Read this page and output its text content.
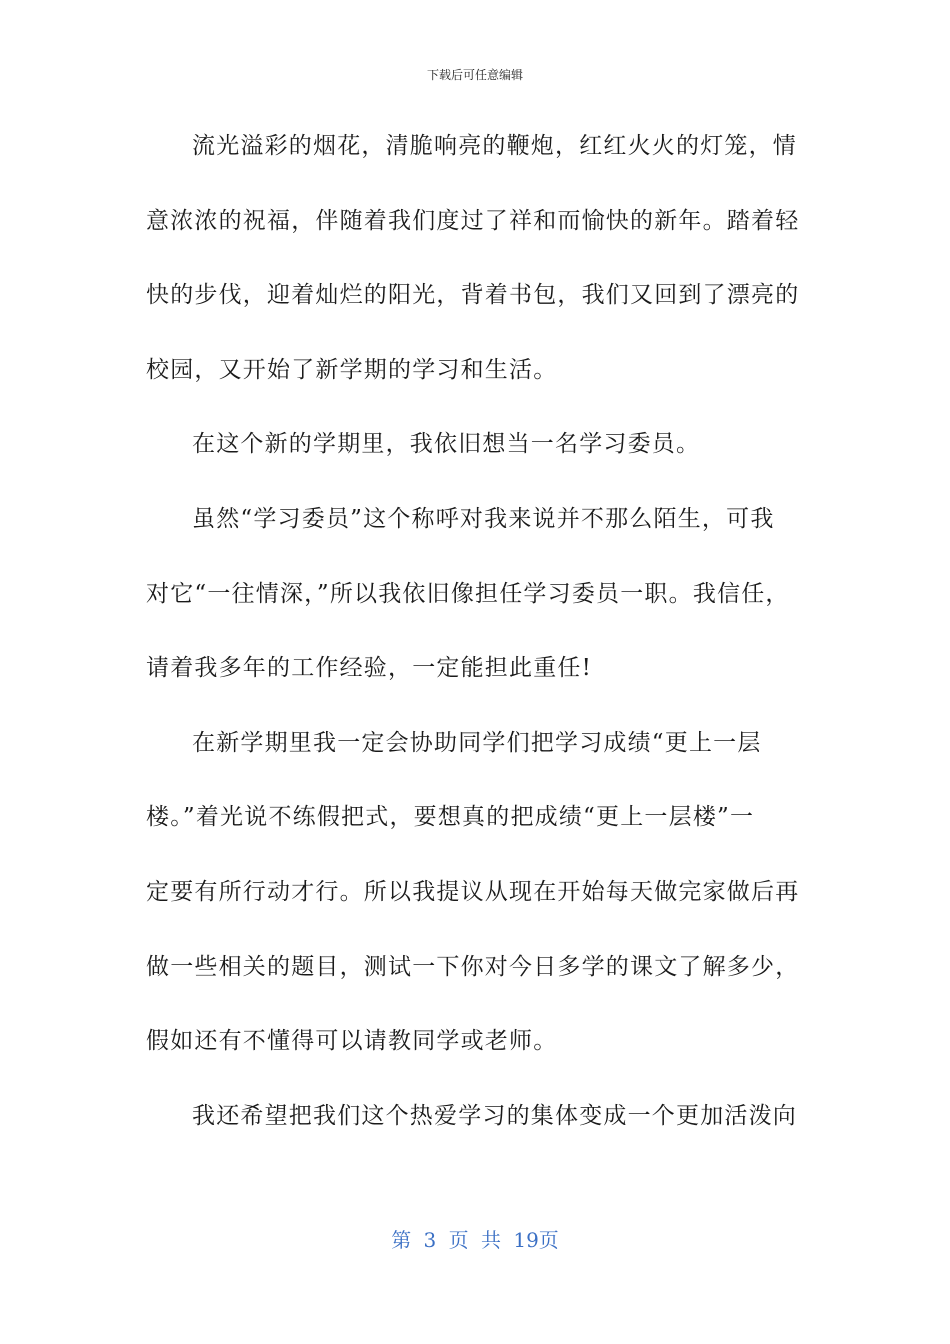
下载后可任意编辑
流光溢彩的烟花，清脆响亮的鞭炮，红红火火的灯笼，情
意浓浓的祝福，伴随着我们度过了祥和而愉快的新年。踏着轻
快的步伐，迎着灿烂的阳光，背着书包，我们又回到了漂亮的
校园，又开始了新学期的学习和生活。
在这个新的学期里，我依旧想当一名学习委员。
虽然“学习委员”这个称呼对我来说并不那么陌生，可我
对它“一往情深，”所以我依旧像担任学习委员一职。我信任，
请着我多年的工作经验，一定能担此重任!
在新学期里我一定会协助同学们把学习成绩“更上一层
楼。”着光说不练假把式，要想真的把成绩“更上一层楼”一
定要有所行动才行。所以我提议从现在开始每天做完家做后再
做一些相关的题目，测试一下你对今日多学的课文了解多少，
假如还有不懂得可以请教同学或老师。
我还希望把我们这个热爱学习的集体变成一个更加活泼向
第 3 页 共 19页
